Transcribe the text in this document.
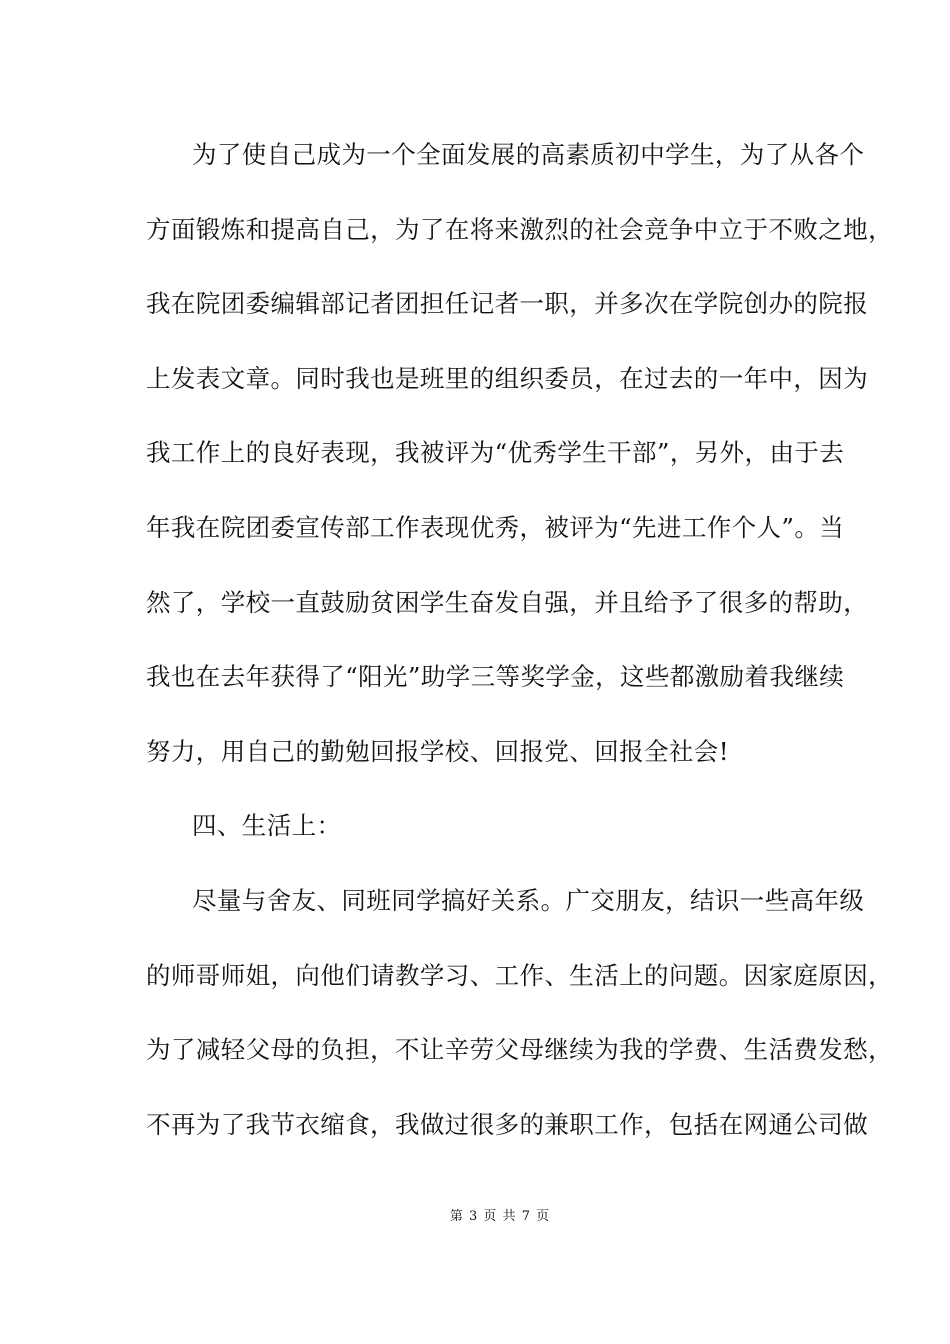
为了使自己成为一个全面发展的高素质初中学生，为了从各个
方面锻炼和提高自己，为了在将来激烈的社会竞争中立于不败之地，
我在院团委编辑部记者团担任记者一职，并多次在学院创办的院报
上发表文章。同时我也是班里的组织委员，在过去的一年中，因为
我工作上的良好表现，我被评为“优秀学生干部”，另外，由于去
年我在院团委宣传部工作表现优秀，被评为“先进工作个人”。当
然了，学校一直鼓励贫困学生奋发自强，并且给予了很多的帮助，
我也在去年获得了“阳光”助学三等奖学金，这些都激励着我继续
努力，用自己的勤勉回报学校、回报党、回报全社会!
四、生活上：
尽量与舍友、同班同学搞好关系。广交朋友，结识一些高年级
的师哥师姐，向他们请教学习、工作、生活上的问题。因家庭原因，
为了减轻父母的负担，不让辛劳父母继续为我的学费、生活费发愁，
不再为了我节衣缩食，我做过很多的兼职工作，包括在网通公司做
第 3 页 共 7 页
